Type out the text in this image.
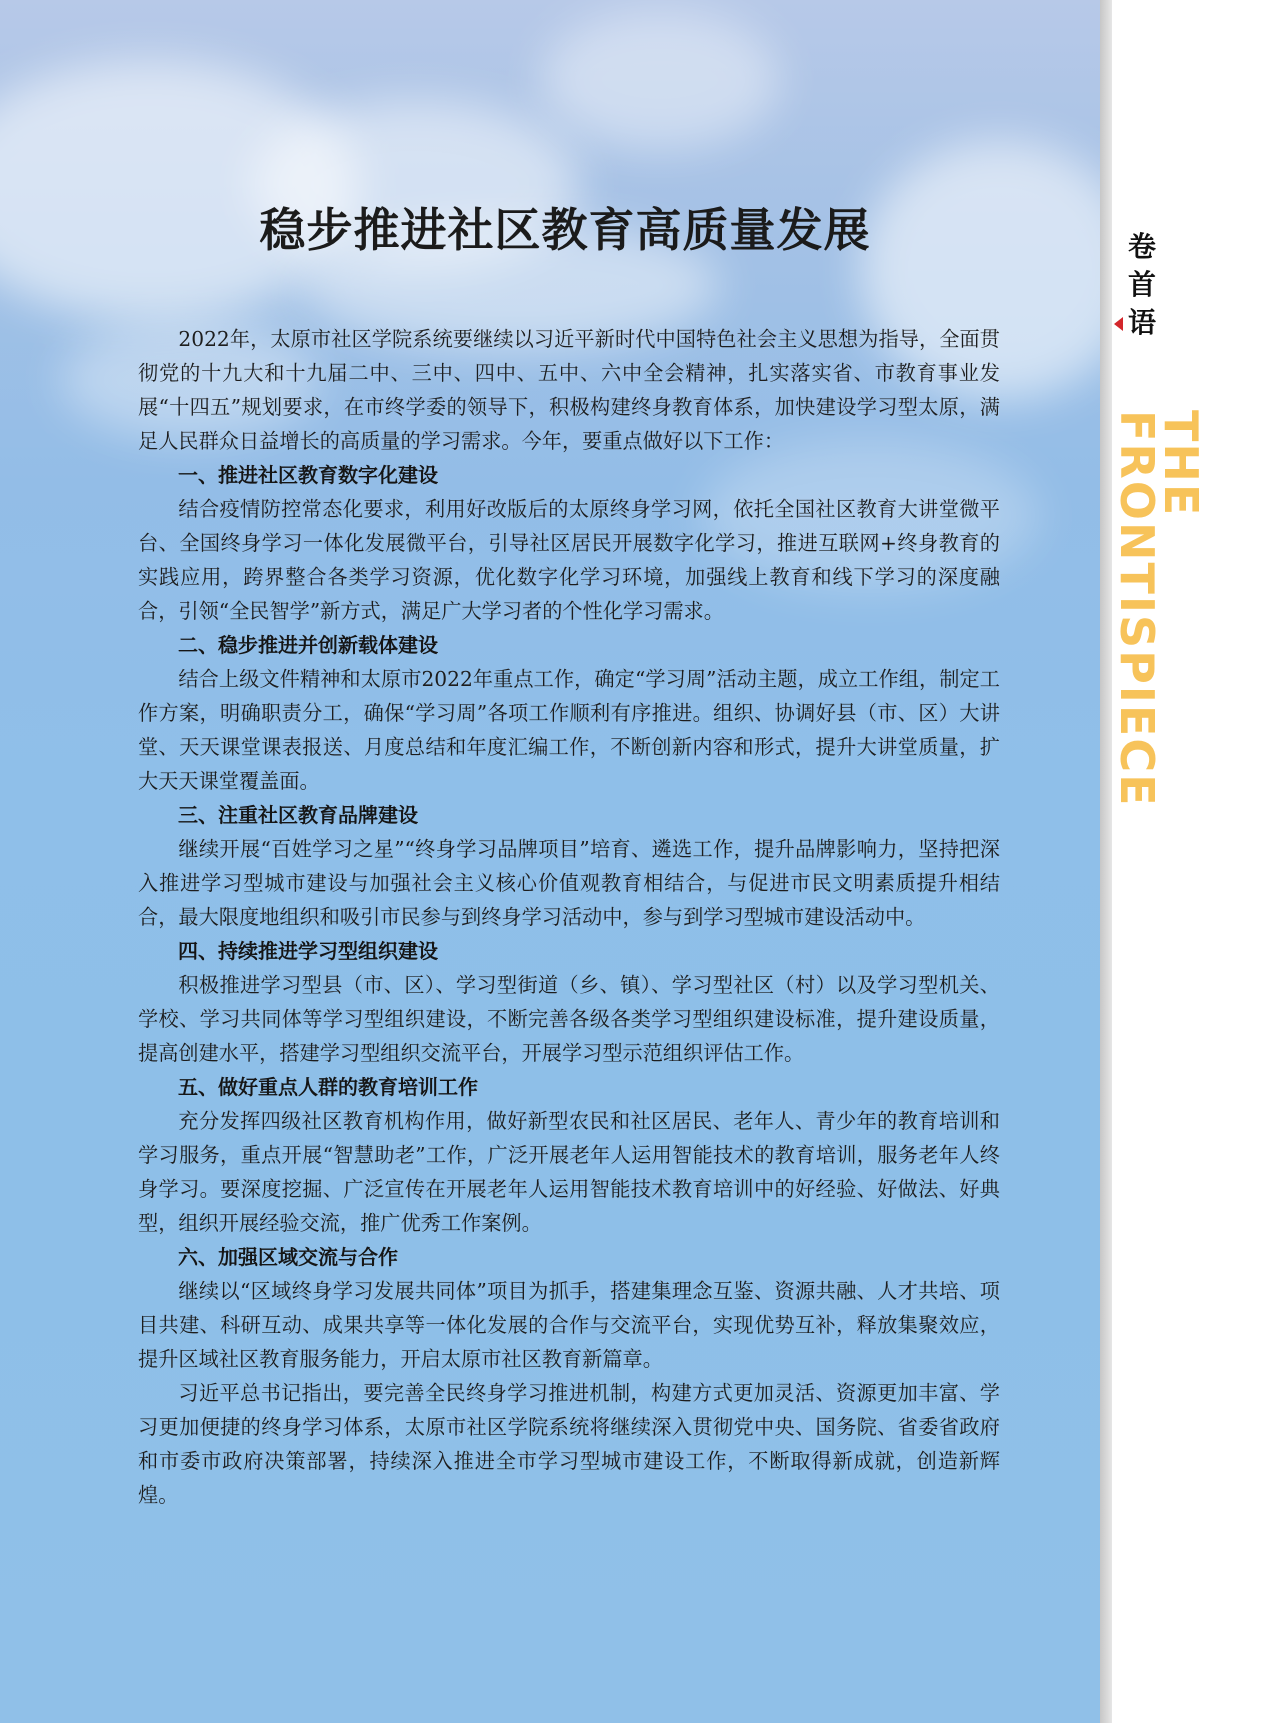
卷
首
语
THE
FRONTISPIECE
稳步推进社区教育高质量发展

2022年，太原市社区学院系统要继续以习近平新时代中国特色社会主义思想为指导，全面贯彻党的十九大和十九届二中、三中、四中、五中、六中全会精神，扎实落实省、市教育事业发展“十四五”规划要求，在市终学委的领导下，积极构建终身教育体系，加快建设学习型太原，满足人民群众日益增长的高质量的学习需求。今年，要重点做好以下工作：

一、推进社区教育数字化建设

结合疫情防控常态化要求，利用好改版后的太原终身学习网，依托全国社区教育大讲堂微平台、全国终身学习一体化发展微平台，引导社区居民开展数字化学习，推进互联网+终身教育的实践应用，跨界整合各类学习资源，优化数字化学习环境，加强线上教育和线下学习的深度融合，引领“全民智学”新方式，满足广大学习者的个性化学习需求。

二、稳步推进并创新载体建设

结合上级文件精神和太原市2022年重点工作，确定“学习周”活动主题，成立工作组，制定工作方案，明确职责分工，确保“学习周”各项工作顺利有序推进。组织、协调好县（市、区）大讲堂、天天课堂课表报送、月度总结和年度汇编工作，不断创新内容和形式，提升大讲堂质量，扩大天天课堂覆盖面。

三、注重社区教育品牌建设

继续开展“百姓学习之星”“终身学习品牌项目”培育、遴选工作，提升品牌影响力，坚持把深入推进学习型城市建设与加强社会主义核心价值观教育相结合，与促进市民文明素质提升相结合，最大限度地组织和吸引市民参与到终身学习活动中，参与到学习型城市建设活动中。

四、持续推进学习型组织建设

积极推进学习型县（市、区）、学习型街道（乡、镇）、学习型社区（村）以及学习型机关、学校、学习共同体等学习型组织建设，不断完善各级各类学习型组织建设标准，提升建设质量，提高创建水平，搭建学习型组织交流平台，开展学习型示范组织评估工作。

五、做好重点人群的教育培训工作

充分发挥四级社区教育机构作用，做好新型农民和社区居民、老年人、青少年的教育培训和学习服务，重点开展“智慧助老”工作，广泛开展老年人运用智能技术的教育培训，服务老年人终身学习。要深度挖掘、广泛宣传在开展老年人运用智能技术教育培训中的好经验、好做法、好典型，组织开展经验交流，推广优秀工作案例。

六、加强区域交流与合作

继续以“区域终身学习发展共同体”项目为抓手，搭建集理念互鉴、资源共融、人才共培、项目共建、科研互动、成果共享等一体化发展的合作与交流平台，实现优势互补，释放集聚效应，提升区域社区教育服务能力，开启太原市社区教育新篇章。

习近平总书记指出，要完善全民终身学习推进机制，构建方式更加灵活、资源更加丰富、学习更加便捷的终身学习体系，太原市社区学院系统将继续深入贯彻党中央、国务院、省委省政府和市委市政府决策部署，持续深入推进全市学习型城市建设工作，不断取得新成就，创造新辉煌。
